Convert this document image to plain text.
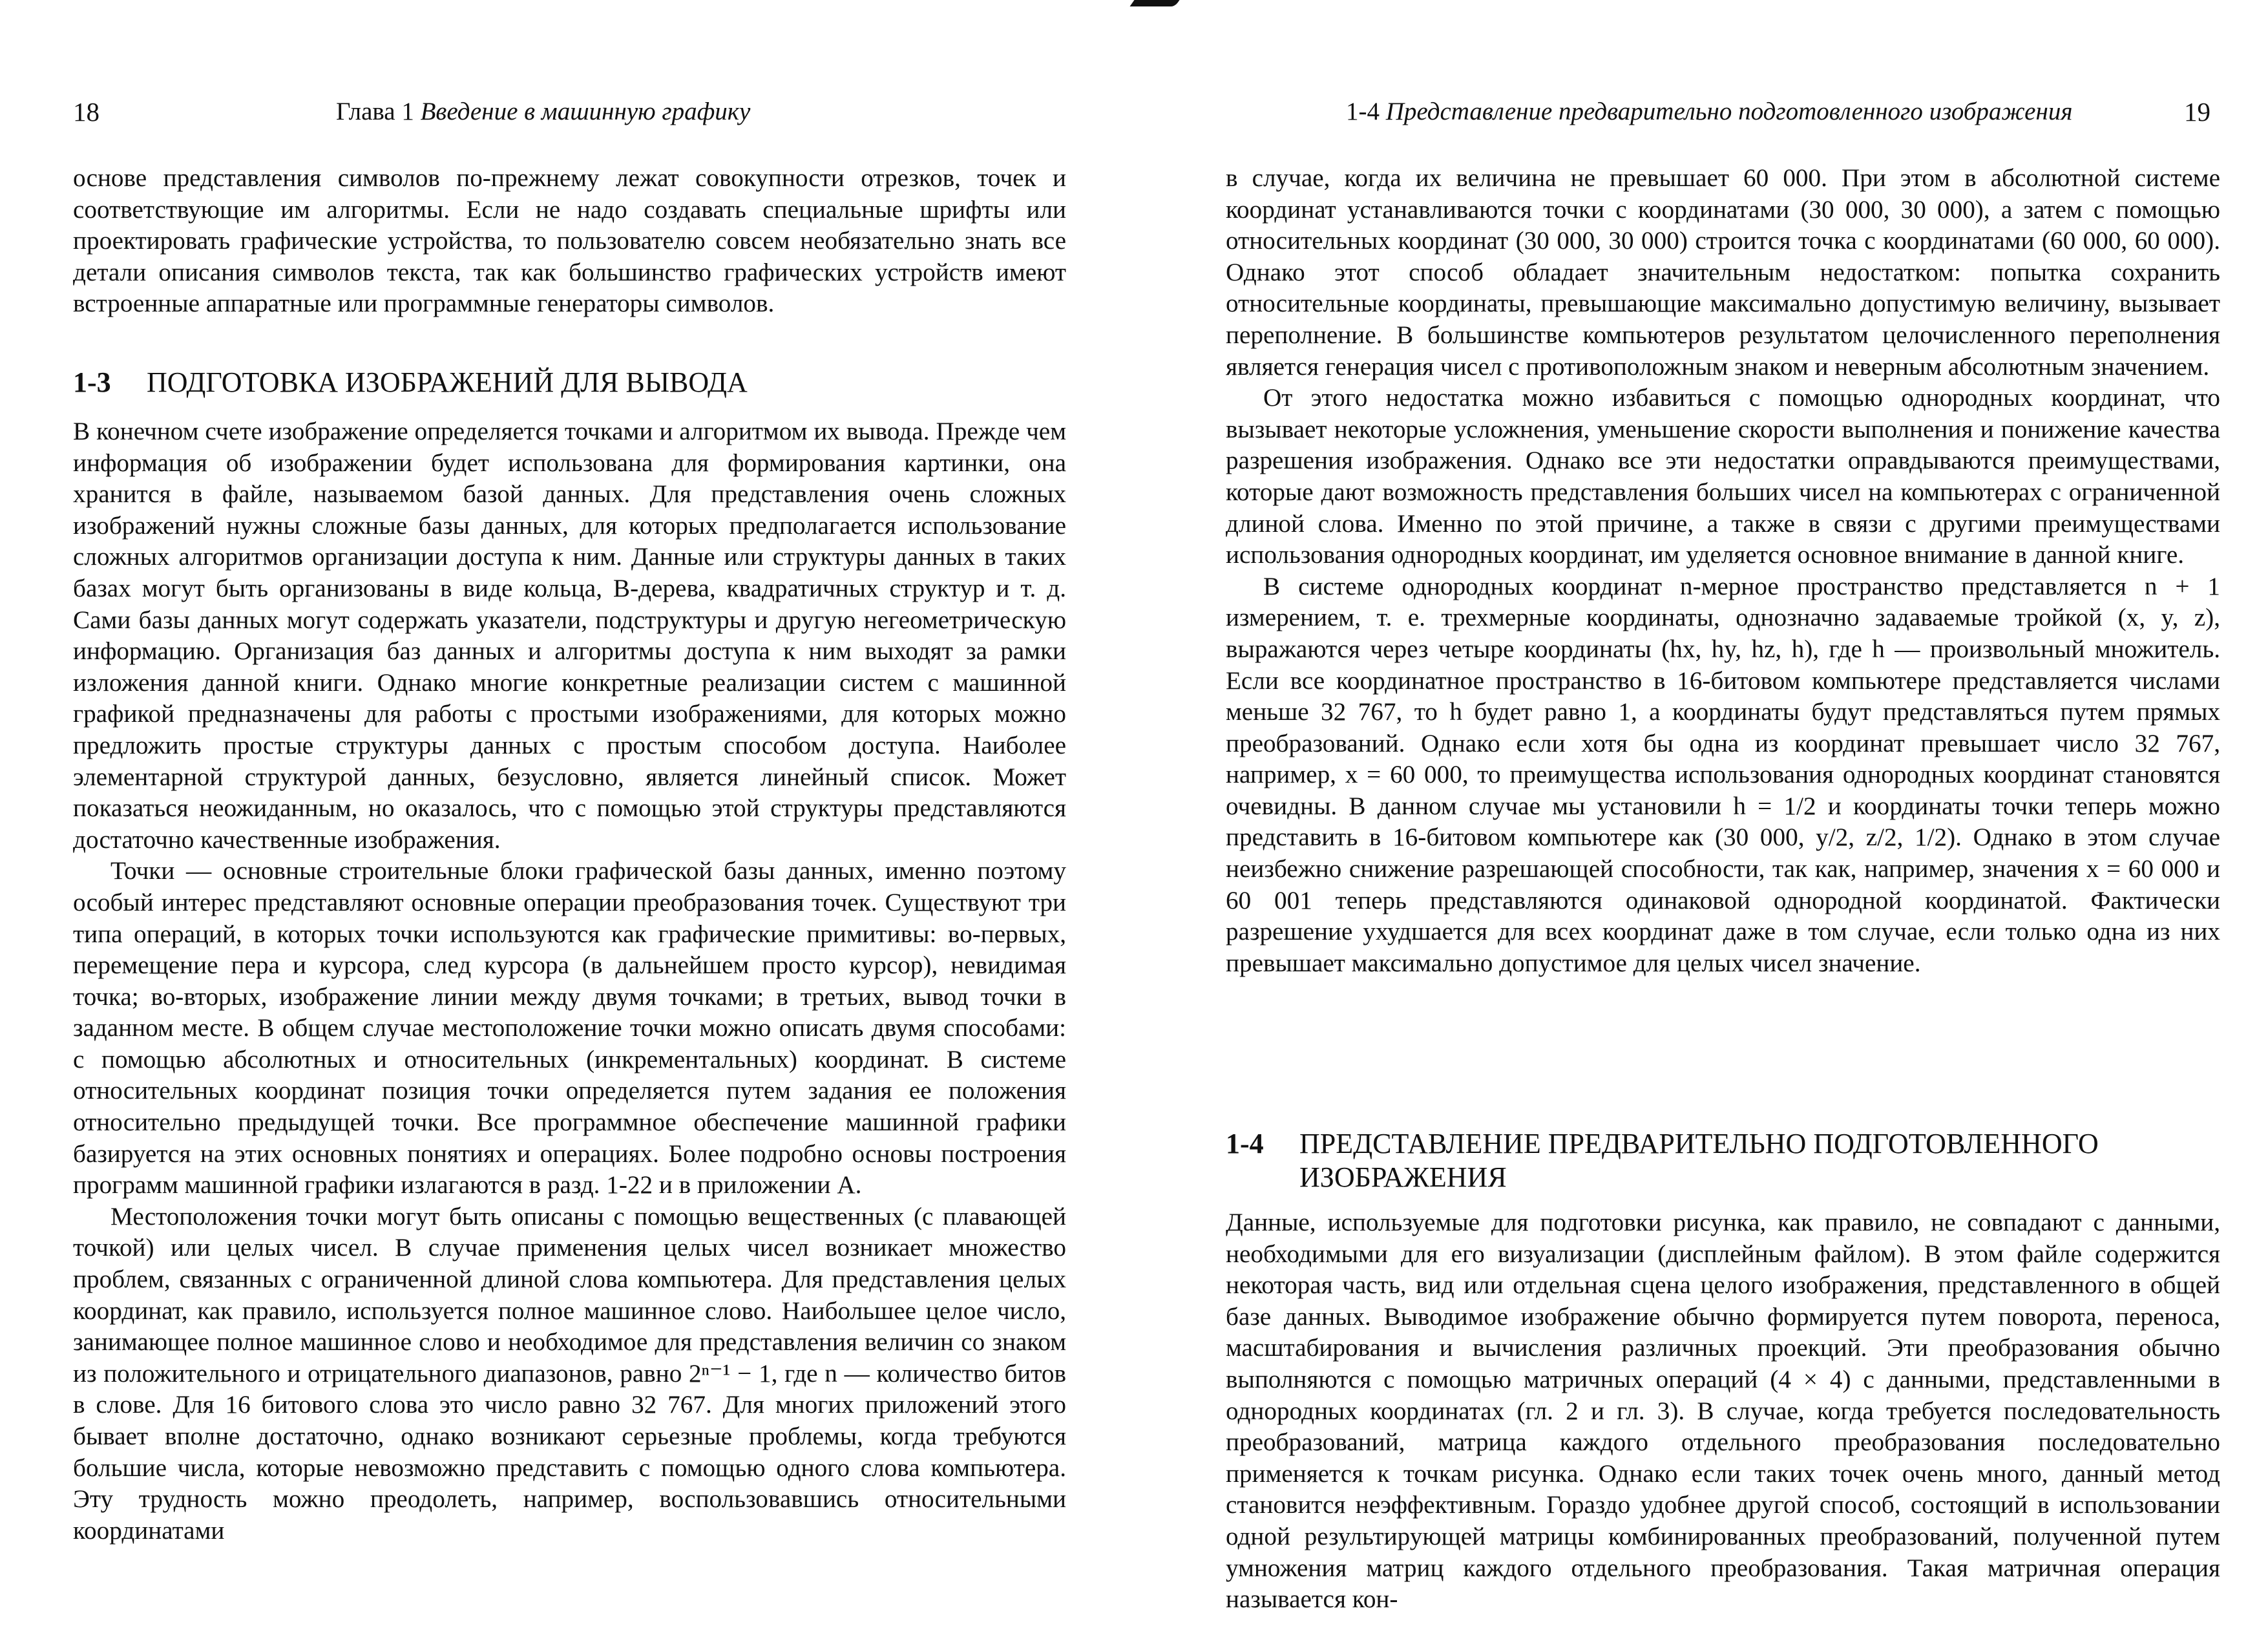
18	Глава 1 Введение в машинную графику

основе представления символов по-прежнему лежат совокупности отрезков, точек и соответствующие им алгоритмы. Если не надо создавать специальные шрифты или проектировать графические устройства, то пользователю совсем необязательно знать все детали описания символов текста, так как большинство графических устройств имеют встроенные аппаратные или программные генераторы символов.

1-3	ПОДГОТОВКА ИЗОБРАЖЕНИЙ ДЛЯ ВЫВОДА

В конечном счете изображение определяется точками и алгоритмом их вывода. Прежде чем информация об изображении будет использована для формирования картинки, она хранится в файле, называемом базой данных. Для представления очень сложных изображений нужны сложные базы данных, для которых предполагается использование сложных алгоритмов организации доступа к ним. Данные или структуры данных в таких базах могут быть организованы в виде кольца, B-дерева, квадратичных структур и т. д. Сами базы данных могут содержать указатели, подструктуры и другую негеометрическую информацию. Организация баз данных и алгоритмы доступа к ним выходят за рамки изложения данной книги. Однако многие конкретные реализации систем с машинной графикой предназначены для работы с простыми изображениями, для которых можно предложить простые структуры данных с простым способом доступа. Наиболее элементарной структурой данных, безусловно, является линейный список. Может показаться неожиданным, но оказалось, что с помощью этой структуры представляются достаточно качественные изображения.

Точки — основные строительные блоки графической базы данных, именно поэтому особый интерес представляют основные операции преобразования точек. Существуют три типа операций, в которых точки используются как графические примитивы: во-первых, перемещение пера и курсора, след курсора (в дальнейшем просто курсор), невидимая точка; во-вторых, изображение линии между двумя точками; в третьих, вывод точки в заданном месте. В общем случае местоположение точки можно описать двумя способами: с помощью абсолютных и относительных (инкрементальных) координат. В системе относительных координат позиция точки определяется путем задания ее положения относительно предыдущей точки. Все программное обеспечение машинной графики базируется на этих основных понятиях и операциях. Более подробно основы построения программ машинной графики излагаются в разд. 1-22 и в приложении А.

Местоположения точки могут быть описаны с помощью вещественных (с плавающей точкой) или целых чисел. В случае применения целых чисел возникает множество проблем, связанных с ограниченной длиной слова компьютера. Для представления целых координат, как правило, используется полное машинное слово. Наибольшее целое число, занимающее полное машинное слово и необходимое для представления величин со знаком из положительного и отрицательного диапазонов, равно 2ⁿ⁻¹ − 1, где n — количество битов в слове. Для 16 битового слова это число равно 32 767. Для многих приложений этого бывает вполне достаточно, однако возникают серьезные проблемы, когда требуются большие числа, которые невозможно представить с помощью одного слова компьютера. Эту трудность можно преодолеть, например, воспользовавшись относительными координатами

1-4 Представление предварительно подготовленного изображения	19

в случае, когда их величина не превышает 60 000. При этом в абсолютной системе координат устанавливаются точки с координатами (30 000, 30 000), а затем с помощью относительных координат (30 000, 30 000) строится точка с координатами (60 000, 60 000). Однако этот способ обладает значительным недостатком: попытка сохранить относительные координаты, превышающие максимально допустимую величину, вызывает переполнение. В большинстве компьютеров результатом целочисленного переполнения является генерация чисел с противоположным знаком и неверным абсолютным значением.

От этого недостатка можно избавиться с помощью однородных координат, что вызывает некоторые усложнения, уменьшение скорости выполнения и понижение качества разрешения изображения. Однако все эти недостатки оправдываются преимуществами, которые дают возможность представления больших чисел на компьютерах с ограниченной длиной слова. Именно по этой причине, а также в связи с другими преимуществами использования однородных координат, им уделяется основное внимание в данной книге.

В системе однородных координат n-мерное пространство представляется n + 1 измерением, т. е. трехмерные координаты, однозначно задаваемые тройкой (x, y, z), выражаются через четыре координаты (hx, hy, hz, h), где h — произвольный множитель. Если все координатное пространство в 16-битовом компьютере представляется числами меньше 32 767, то h будет равно 1, а координаты будут представляться путем прямых преобразований. Однако если хотя бы одна из координат превышает число 32 767, например, x = 60 000, то преимущества использования однородных координат становятся очевидны. В данном случае мы установили h = 1/2 и координаты точки теперь можно представить в 16-битовом компьютере как (30 000, y/2, z/2, 1/2). Однако в этом случае неизбежно снижение разрешающей способности, так как, например, значения x = 60 000 и 60 001 теперь представляются одинаковой однородной координатой. Фактически разрешение ухудшается для всех координат даже в том случае, если только одна из них превышает максимально допустимое для целых чисел значение.

1-4	ПРЕДСТАВЛЕНИЕ ПРЕДВАРИТЕЛЬНО ПОДГОТОВЛЕННОГО
ИЗОБРАЖЕНИЯ

Данные, используемые для подготовки рисунка, как правило, не совпадают с данными, необходимыми для его визуализации (дисплейным файлом). В этом файле содержится некоторая часть, вид или отдельная сцена целого изображения, представленного в общей базе данных. Выводимое изображение обычно формируется путем поворота, переноса, масштабирования и вычисления различных проекций. Эти преобразования обычно выполняются с помощью матричных операций (4 × 4) с данными, представленными в однородных координатах (гл. 2 и гл. 3). В случае, когда требуется последовательность преобразований, матрица каждого отдельного преобразования последовательно применяется к точкам рисунка. Однако если таких точек очень много, данный метод становится неэффективным. Гораздо удобнее другой способ, состоящий в использовании одной результирующей матрицы комбинированных преобразований, полученной путем умножения матриц каждого отдельного преобразования. Такая матричная операция называется кон-
